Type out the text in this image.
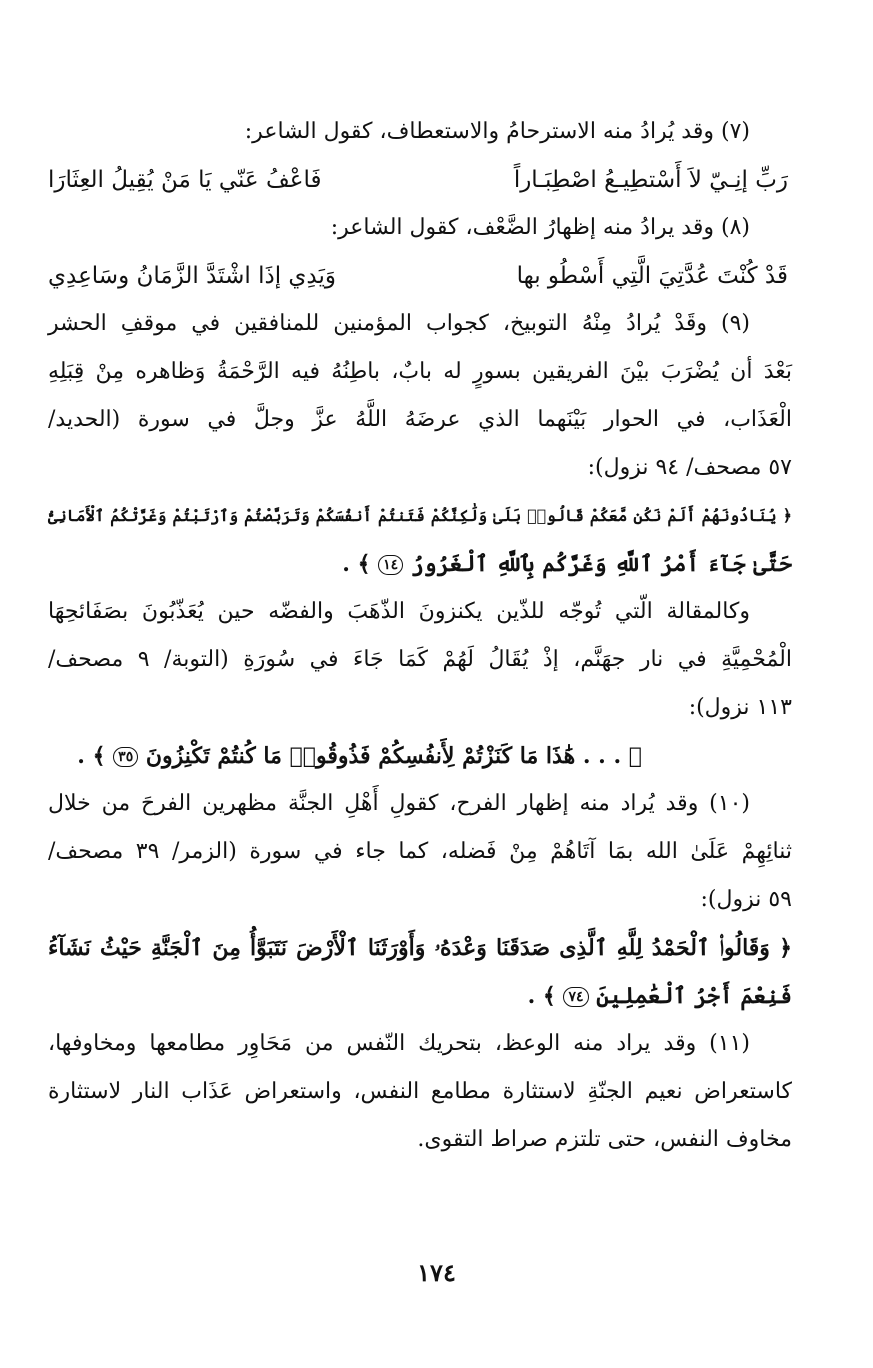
(٧) وقد يُرادُ منه الاسترحامُ والاستعطاف، كقول الشاعر:

رَبِّ إنِـيّ لاَ أَسْتطِيـعُ اصْطِبَـاراً
فَاعْفُ عَنّي يَا مَنْ يُقِيلُ العِثَارَا

(٨) وقد يرادُ منه إظهارُ الضَّعْف، كقول الشاعر:

قَدْ كُنْتَ عُدَّتِيَ الَّتِي أَسْطُو بها
وَيَدِي إذَا اشْتَدَّ الزَّمَانُ وسَاعِدِي

(٩) وقَدْ يُرادُ مِنْهُ التوبيخ، كجواب المؤمنين للمنافقين في موقفِ الحشر

بَعْدَ أن يُضْرَبَ بيْنَ الفريقين بسورٍ له بابٌ، باطِنُهُ فيه الرَّحْمَةُ وَظاهره مِنْ قِبَلِهِ

الْعَذَاب، في الحوار بَيْنَهما الذي عرضَهُ اللَّهُ عزَّ وجلَّ في سورة (الحديد/

٥٧ مصحف/ ٩٤ نزول):

﴿ يُنَادُونَهُمْ أَلَمْ نَكُن مَّعَكُمْ قَالُوا۟ بَلَىٰ وَلَٰكِنَّكُمْ فَتَنتُمْ أَنفُسَكُمْ وَتَرَبَّصْتُمْ وَٱرْتَبْتُمْ وَغَرَّتْكُمُ ٱلْأَمَانِىُّ

حَتَّىٰ جَآءَ أَمْرُ ٱللَّهِ وَغَرَّكُم بِٱللَّهِ ٱلْغَرُورُ ١٤ ﴾ .

وكالمقالة الّتي تُوجّه للذّين يكنزونَ الذّهَبَ والفضّه حين يُعَذّبُونَ بصَفَائحِهَا

الْمُحْمِيَّةِ في نار جهَنَّم، إذْ يُقَالُ لَهُمْ كَمَا جَاءَ في سُورَةِ (التوبة/ ٩ مصحف/

١١٣ نزول):

﴿ . . . هَٰذَا مَا كَنَزْتُمْ لِأَنفُسِكُمْ فَذُوقُوا۟ مَا كُنتُمْ تَكْنِزُونَ ٣٥ ﴾ .

(١٠) وقد يُراد منه إظهار الفرح، كقولِ أَهْلِ الجنَّة مظهرين الفرحَ من خلال

ثنائِهِمْ عَلَىٰ الله بمَا آتَاهُمْ مِنْ فَضله، كما جاء في سورة (الزمر/ ٣٩ مصحف/

٥٩ نزول):

﴿ وَقَالُوا۟ ٱلْحَمْدُ لِلَّهِ ٱلَّذِى صَدَقَنَا وَعْدَهُۥ وَأَوْرَثَنَا ٱلْأَرْضَ نَتَبَوَّأُ مِنَ ٱلْجَنَّةِ حَيْثُ نَشَآءُ

فَنِعْمَ أَجْرُ ٱلْعَٰمِلِينَ ٧٤ ﴾ .

(١١) وقد يراد منه الوعظ، بتحريك النّفس من مَحَاوِر مطامعها ومخاوفها،

كاستعراض نعيم الجنّةِ لاستثارة مطامع النفس، واستعراض عَذَاب النار لاستثارة

مخاوف النفس، حتى تلتزم صراط التقوى.

١٧٤
